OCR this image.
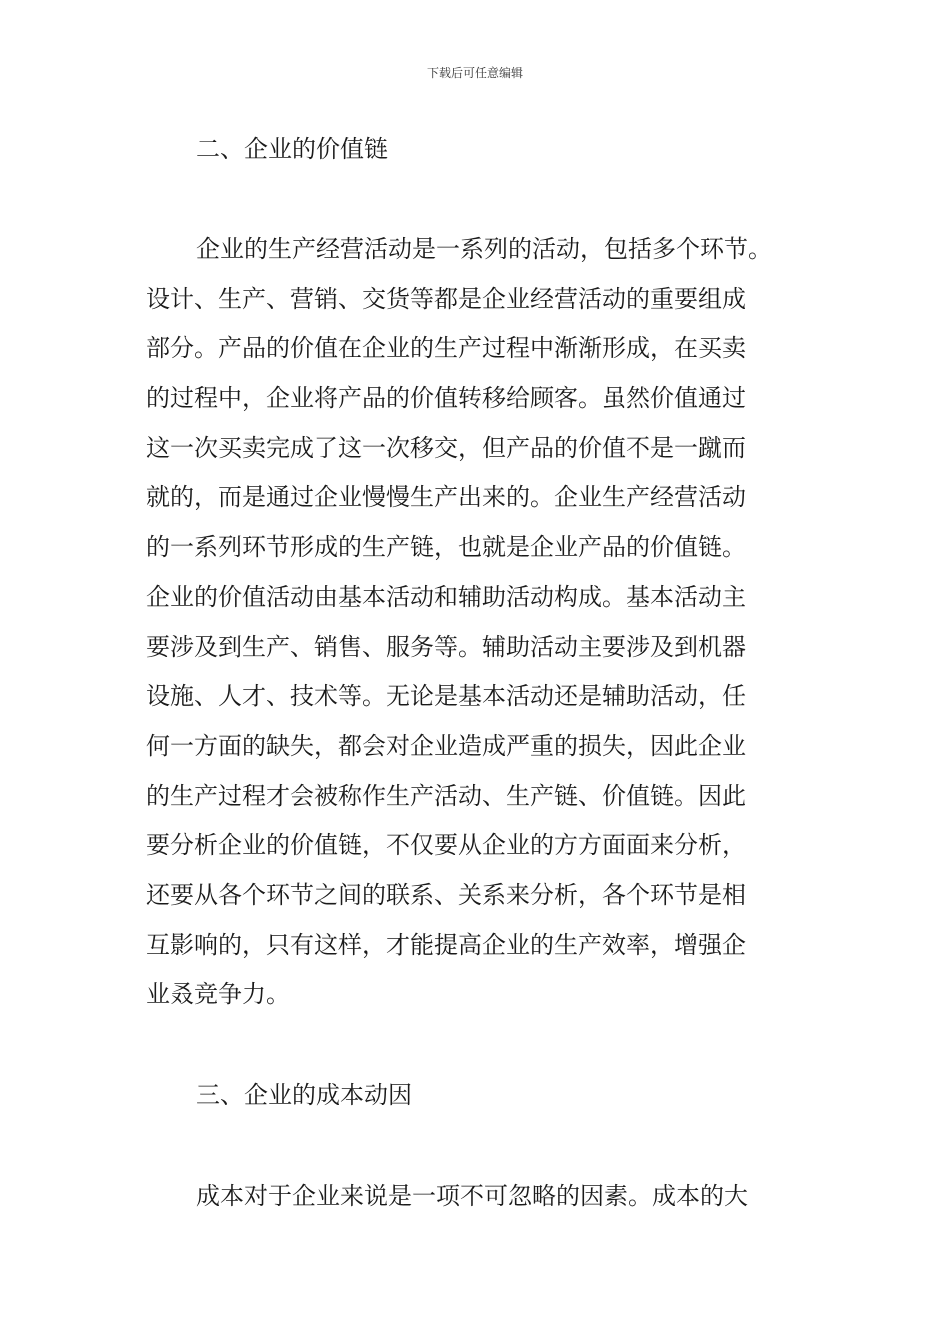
下载后可任意编辑
二、企业的价值链
企业的生产经营活动是一系列的活动，包括多个环节。
设计、生产、营销、交货等都是企业经营活动的重要组成
部分。产品的价值在企业的生产过程中渐渐形成，在买卖
的过程中，企业将产品的价值转移给顾客。虽然价值通过
这一次买卖完成了这一次移交，但产品的价值不是一蹴而
就的，而是通过企业慢慢生产出来的。企业生产经营活动
的一系列环节形成的生产链，也就是企业产品的价值链。
企业的价值活动由基本活动和辅助活动构成。基本活动主
要涉及到生产、销售、服务等。辅助活动主要涉及到机器
设施、人才、技术等。无论是基本活动还是辅助活动，任
何一方面的缺失，都会对企业造成严重的损失，因此企业
的生产过程才会被称作生产活动、生产链、价值链。因此
要分析企业的价值链，不仅要从企业的方方面面来分析，
还要从各个环节之间的联系、关系来分析，各个环节是相
互影响的，只有这样，才能提高企业的生产效率，增强企
业叒竞争力。
三、企业的成本动因
成本对于企业来说是一项不可忽略的因素。成本的大
